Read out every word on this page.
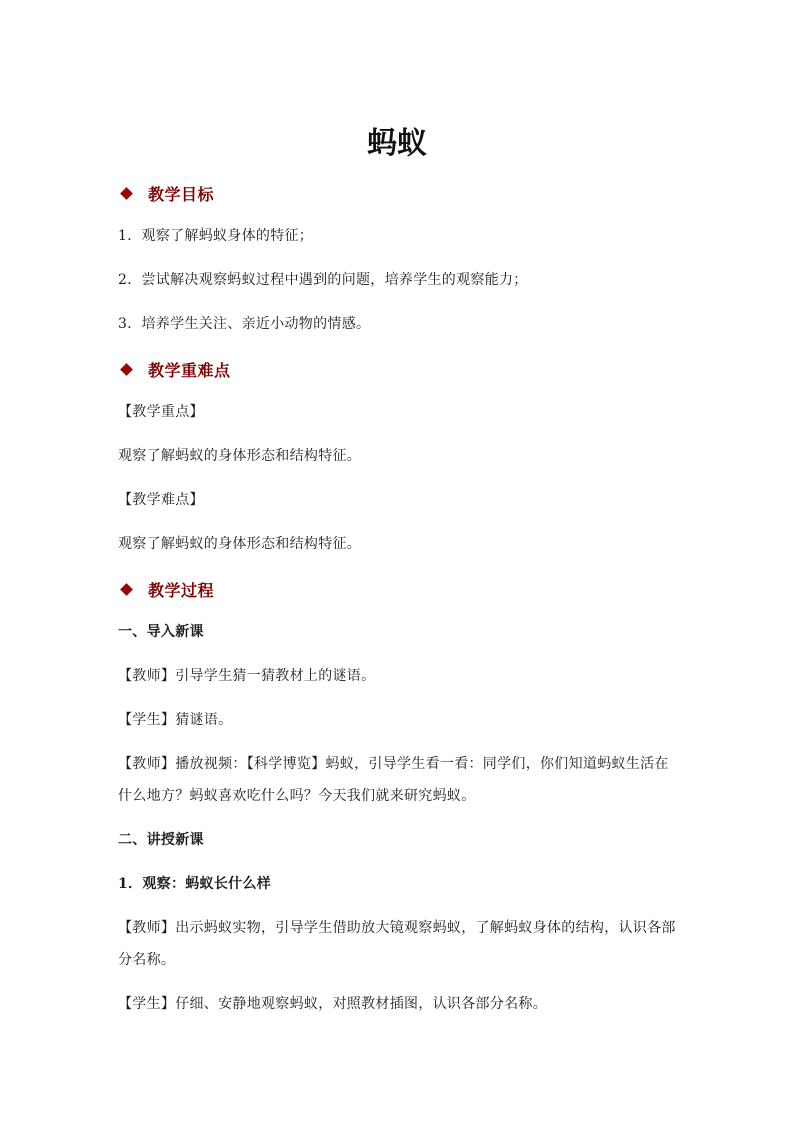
蚂蚁
教学目标

1．观察了解蚂蚁身体的特征；

2．尝试解决观察蚂蚁过程中遇到的问题，培养学生的观察能力；

3．培养学生关注、亲近小动物的情感。

教学重难点

【教学重点】

观察了解蚂蚁的身体形态和结构特征。

【教学难点】

观察了解蚂蚁的身体形态和结构特征。

教学过程

一、导入新课

【教师】引导学生猜一猜教材上的谜语。

【学生】猜谜语。

【教师】播放视频：【科学博览】蚂蚁，引导学生看一看：同学们，你们知道蚂蚁生活在什么地方？蚂蚁喜欢吃什么吗？今天我们就来研究蚂蚁。

二、讲授新课

1．观察：蚂蚁长什么样

【教师】出示蚂蚁实物，引导学生借助放大镜观察蚂蚁，了解蚂蚁身体的结构，认识各部分名称。

【学生】仔细、安静地观察蚂蚁，对照教材插图，认识各部分名称。
